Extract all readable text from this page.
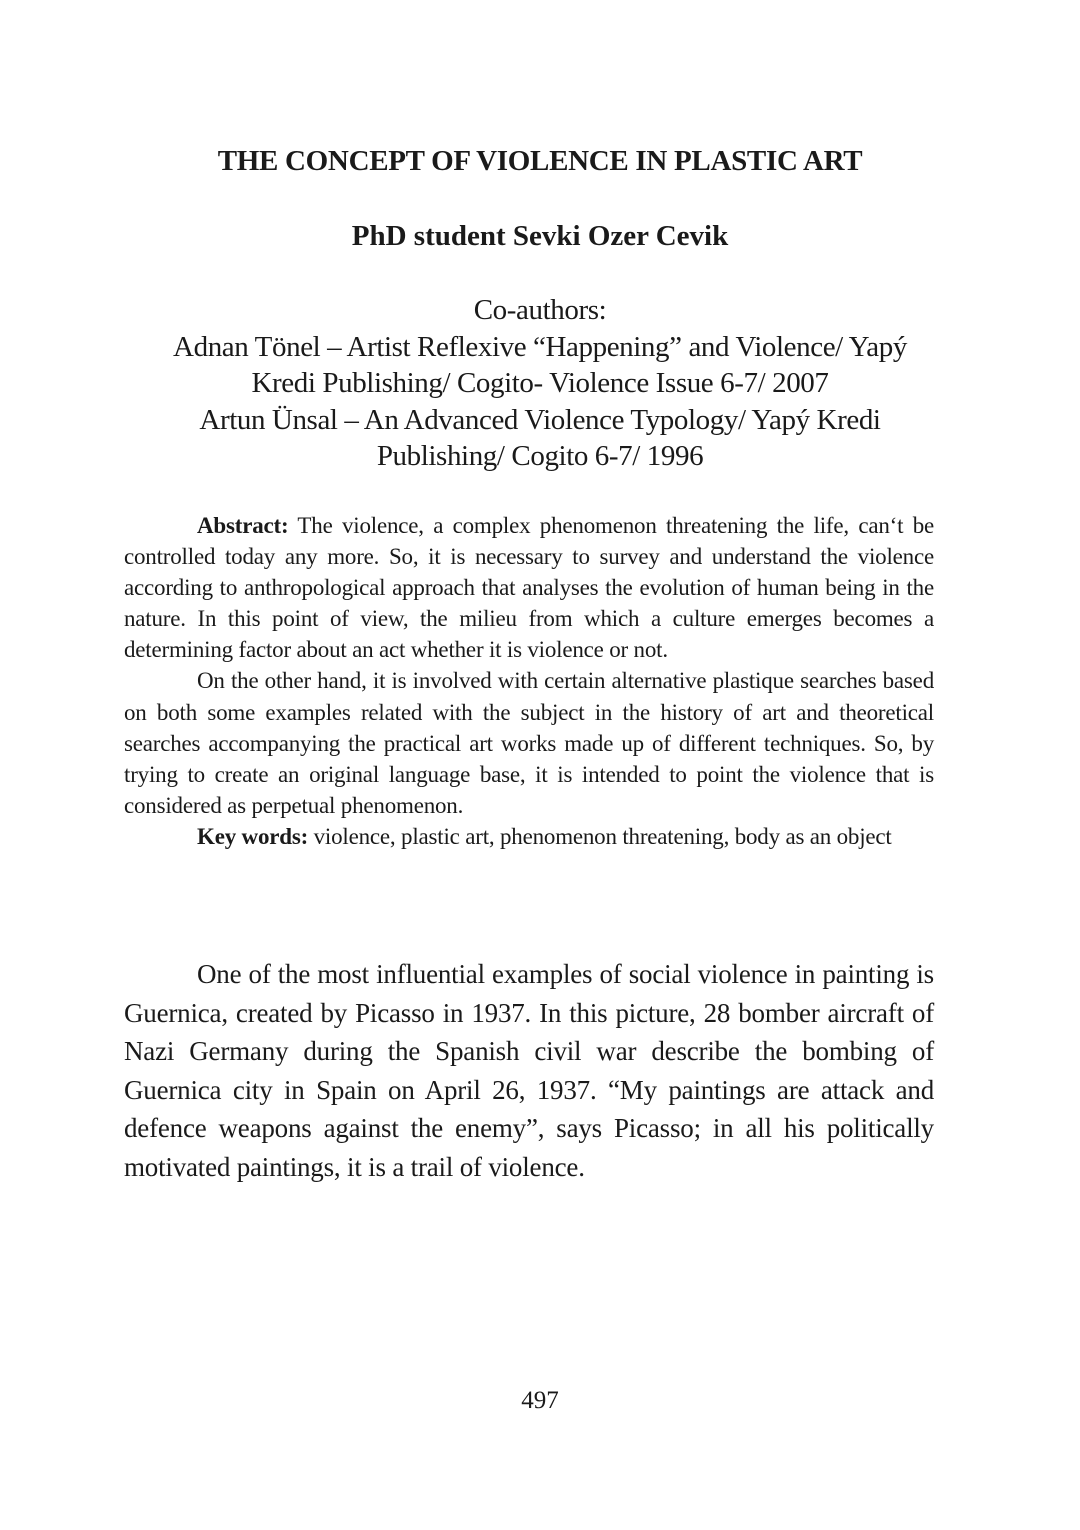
THE CONCEPT OF VIOLENCE IN PLASTIC ART
PhD student Sevki Ozer Cevik
Co-authors:
Adnan Tönel – Artist Reflexive “Happening” and Violence/ Yapý
Kredi Publishing/ Cogito- Violence Issue 6-7/ 2007
Artun Ünsal – An Advanced Violence Typology/ Yapý Kredi
Publishing/ Cogito 6-7/ 1996

Abstract: The violence, a complex phenomenon threatening the life, can‘t be controlled today any more. So, it is necessary to survey and understand the violence according to anthropological approach that analyses the evolution of human being in the nature. In this point of view, the milieu from which a culture emerges becomes a determining factor about an act whether it is violence or not.

On the other hand, it is involved with certain alternative plastique searches based on both some examples related with the subject in the history of art and theoretical searches accompanying the practical art works made up of different techniques. So, by trying to create an original language base, it is intended to point the violence that is considered as perpetual phenomenon.

Key words: violence, plastic art, phenomenon threatening, body as an object

One of the most influential examples of social violence in painting is Guernica, created by Picasso in 1937. In this picture, 28 bomber aircraft of Nazi Germany during the Spanish civil war describe the bombing of Guernica city in Spain on April 26, 1937. “My paintings are attack and defence weapons against the enemy”, says Picasso; in all his politically motivated paintings, it is a trail of violence.

497
